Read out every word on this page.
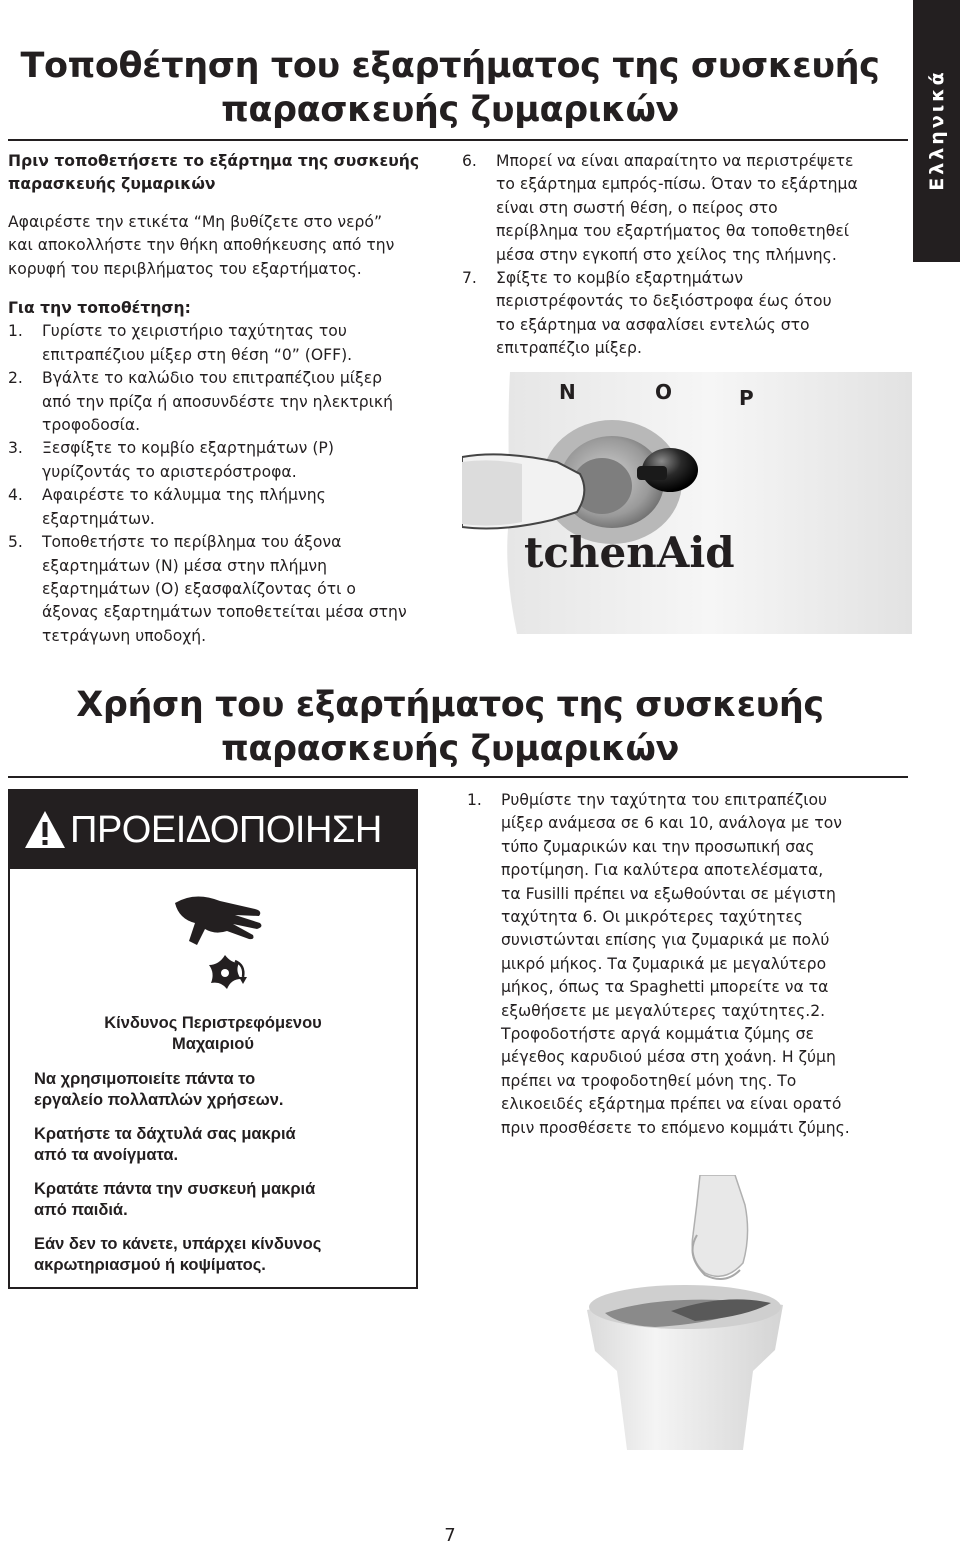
Ελληνικά
Τοποθέτηση του εξαρτήματος της συσκευής
παρασκευής ζυμαρικών
Πριν τοποθετήσετε το εξάρτημα της συσκευής
παρασκευής ζυμαρικών
Αφαιρέστε την ετικέτα “Μη βυθίζετε στο νερό”
και αποκολλήστε την θήκη αποθήκευσης από την
κορυφή του περιβλήματος του εξαρτήματος.
Για την τοποθέτηση:
1. Γυρίστε το χειριστήριο ταχύτητας του
επιτραπέζιου μίξερ στη θέση “0” (OFF).
2. Βγάλτε το καλώδιο του επιτραπέζιου μίξερ
από την πρίζα ή αποσυνδέστε την ηλεκτρική
τροφοδοσία.
3. Ξεσφίξτε το κομβίο εξαρτημάτων (P)
γυρίζοντάς το αριστερόστροφα.
4. Αφαιρέστε το κάλυμμα της πλήμνης
εξαρτημάτων.
5. Τοποθετήστε το περίβλημα του άξονα
εξαρτημάτων (N) μέσα στην πλήμνη
εξαρτημάτων (O) εξασφαλίζοντας ότι ο
άξονας εξαρτημάτων τοποθετείται μέσα στην
τετράγωνη υποδοχή.
6. Μπορεί να είναι απαραίτητο να περιστρέψετε
το εξάρτημα εμπρός-πίσω. Όταν το εξάρτημα
είναι στη σωστή θέση, ο πείρος στο
περίβλημα του εξαρτήματος θα τοποθετηθεί
μέσα στην εγκοπή στο χείλος της πλήμνης.
7. Σφίξτε το κομβίο εξαρτημάτων
περιστρέφοντάς το δεξιόστροφα έως ότου
το εξάρτημα να ασφαλίσει εντελώς στο
επιτραπέζιο μίξερ.
tchenAid
N	O	P
Χρήση του εξαρτήματος της συσκευής
παρασκευής ζυμαρικών
ΠΡΟΕΙΔΟΠΟΙΗΣΗ
Κίνδυνος Περιστρεφόμενου
Μαχαιριού
Να χρησιμοποιείτε πάντα το
εργαλείο πολλαπλών χρήσεων.
Κρατήστε τα δάχτυλά σας μακριά
από τα ανοίγματα.
Κρατάτε πάντα την συσκευή μακριά
από παιδιά.
Εάν δεν το κάνετε, υπάρχει κίνδυνος
ακρωτηριασμού ή κοψίματος.
1. Ρυθμίστε την ταχύτητα του επιτραπέζιου
μίξερ ανάμεσα σε 6 και 10, ανάλογα με τον
τύπο ζυμαρικών και την προσωπική σας
προτίμηση. Για καλύτερα αποτελέσματα,
τα Fusilli πρέπει να εξωθούνται σε μέγιστη
ταχύτητα 6. Οι μικρότερες ταχύτητες
συνιστώνται επίσης για ζυμαρικά με πολύ
μικρό μήκος. Τα ζυμαρικά με μεγαλύτερο
μήκος, όπως τα Spaghetti μπορείτε να τα
εξωθήσετε με μεγαλύτερες ταχύτητες.2.
Τροφοδοτήστε αργά κομμάτια ζύμης σε
μέγεθος καρυδιού μέσα στη χοάνη. Η ζύμη
πρέπει να τροφοδοτηθεί μόνη της. Το
ελικοειδές εξάρτημα πρέπει να είναι ορατό
πριν προσθέσετε το επόμενο κομμάτι ζύμης.
7
